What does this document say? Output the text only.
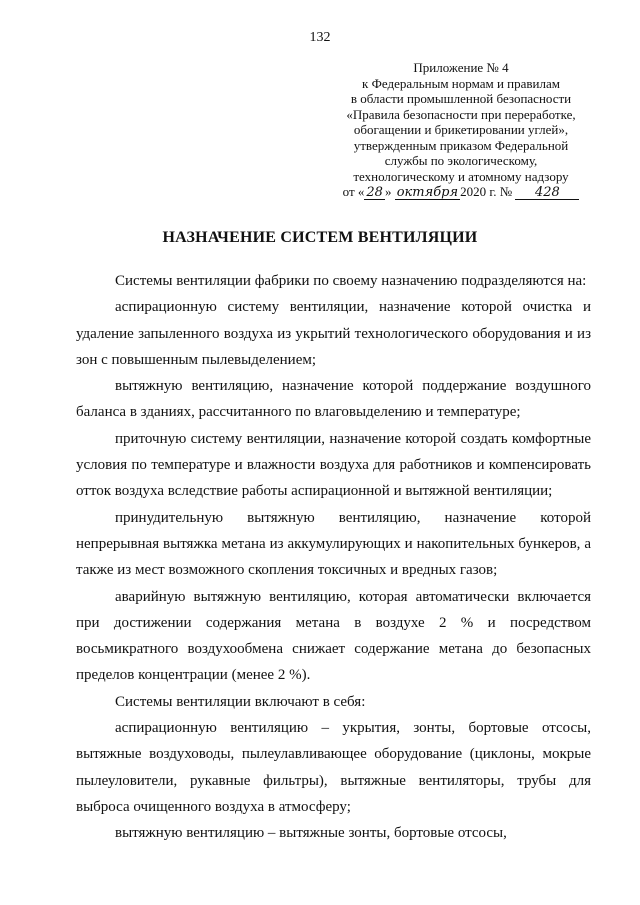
132
Приложение № 4
к Федеральным нормам и правилам
в области промышленной безопасности
«Правила безопасности при переработке,
обогащении и брикетировании углей»,
утвержденным приказом Федеральной
службы по экологическому,
технологическому и атомному надзору
от « 28 » октября 2020 г. № 428
НАЗНАЧЕНИЕ СИСТЕМ ВЕНТИЛЯЦИИ

Системы вентиляции фабрики по своему назначению подразделяются на:

аспирационную систему вентиляции, назначение которой очистка и удаление запыленного воздуха из укрытий технологического оборудования и из зон с повышенным пылевыделением;

вытяжную вентиляцию, назначение которой поддержание воздушного баланса в зданиях, рассчитанного по влаговыделению и температуре;

приточную систему вентиляции, назначение которой создать комфортные условия по температуре и влажности воздуха для работников и компенсировать отток воздуха вследствие работы аспирационной и вытяжной вентиляции;

принудительную вытяжную вентиляцию, назначение которой непрерывная вытяжка метана из аккумулирующих и накопительных бункеров, а также из мест возможного скопления токсичных и вредных газов;

аварийную вытяжную вентиляцию, которая автоматически включается при достижении содержания метана в воздухе 2 % и посредством восьмикратного воздухообмена снижает содержание метана до безопасных пределов концентрации (менее 2 %).

Системы вентиляции включают в себя:

аспирационную вентиляцию – укрытия, зонты, бортовые отсосы, вытяжные воздуховоды, пылеулавливающее оборудование (циклоны, мокрые пылеуловители, рукавные фильтры), вытяжные вентиляторы, трубы для выброса очищенного воздуха в атмосферу;

вытяжную вентиляцию – вытяжные зонты, бортовые отсосы,
